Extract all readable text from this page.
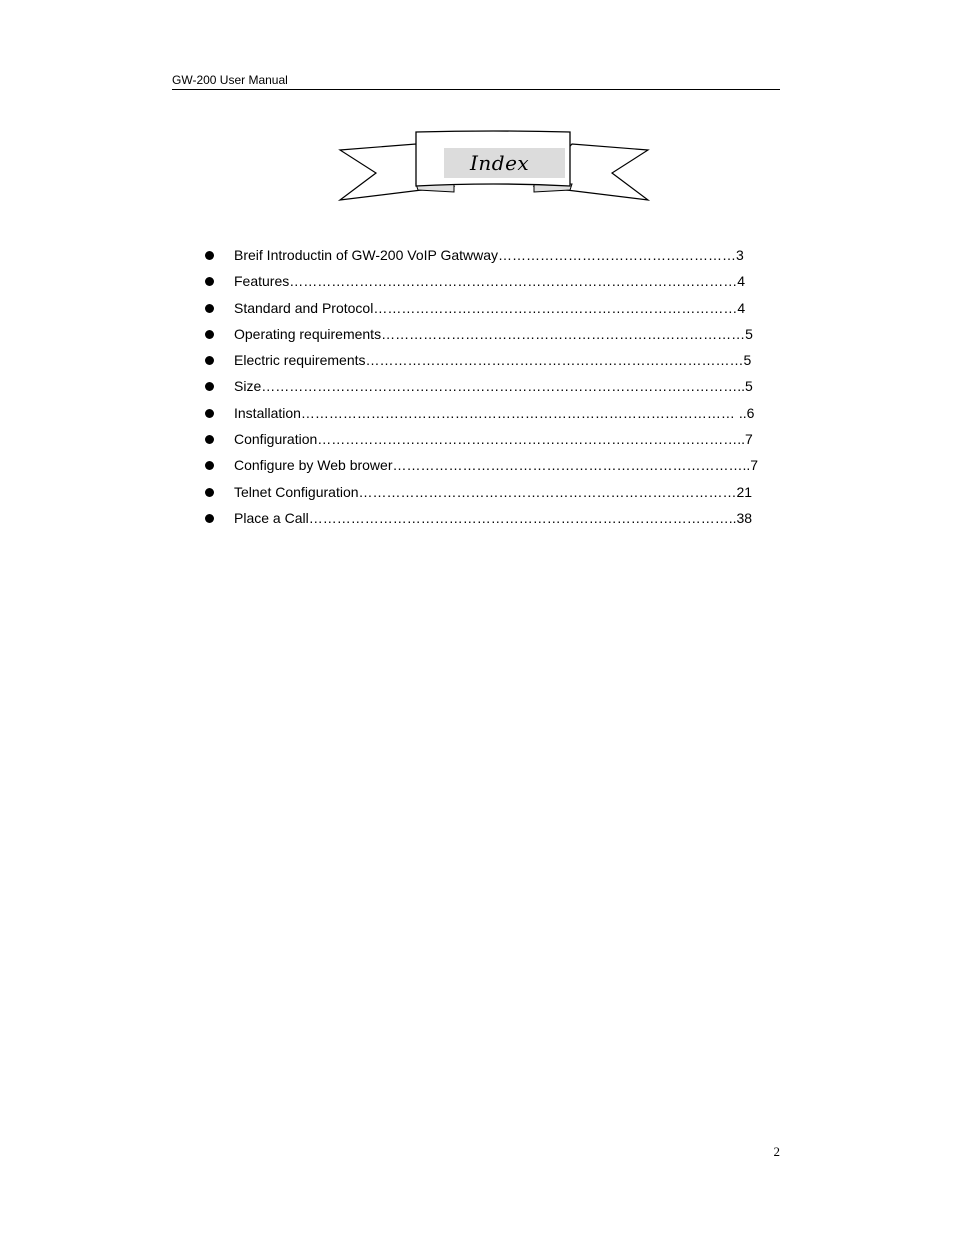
GW-200 User Manual
Index
Breif Introductin of GW-200 VoIP Gatwway……………………………………………3
Features……………………………………………………………………………………4
Standard and Protocol……………………………………………………………………4
Operating requirements……………………………………………………………………5
Electric requirements………………………………………………………………………5
Size…………………………………………………………………………………………..5
Installation………………………………………………………………………………… ..6
Configuration………………………………………………………………………………..7
Configure by Web brower…………………………………………………………………..7
Telnet Configuration………………………………………………………………………21
Place a Call………………………………………………………………………………..38
2
